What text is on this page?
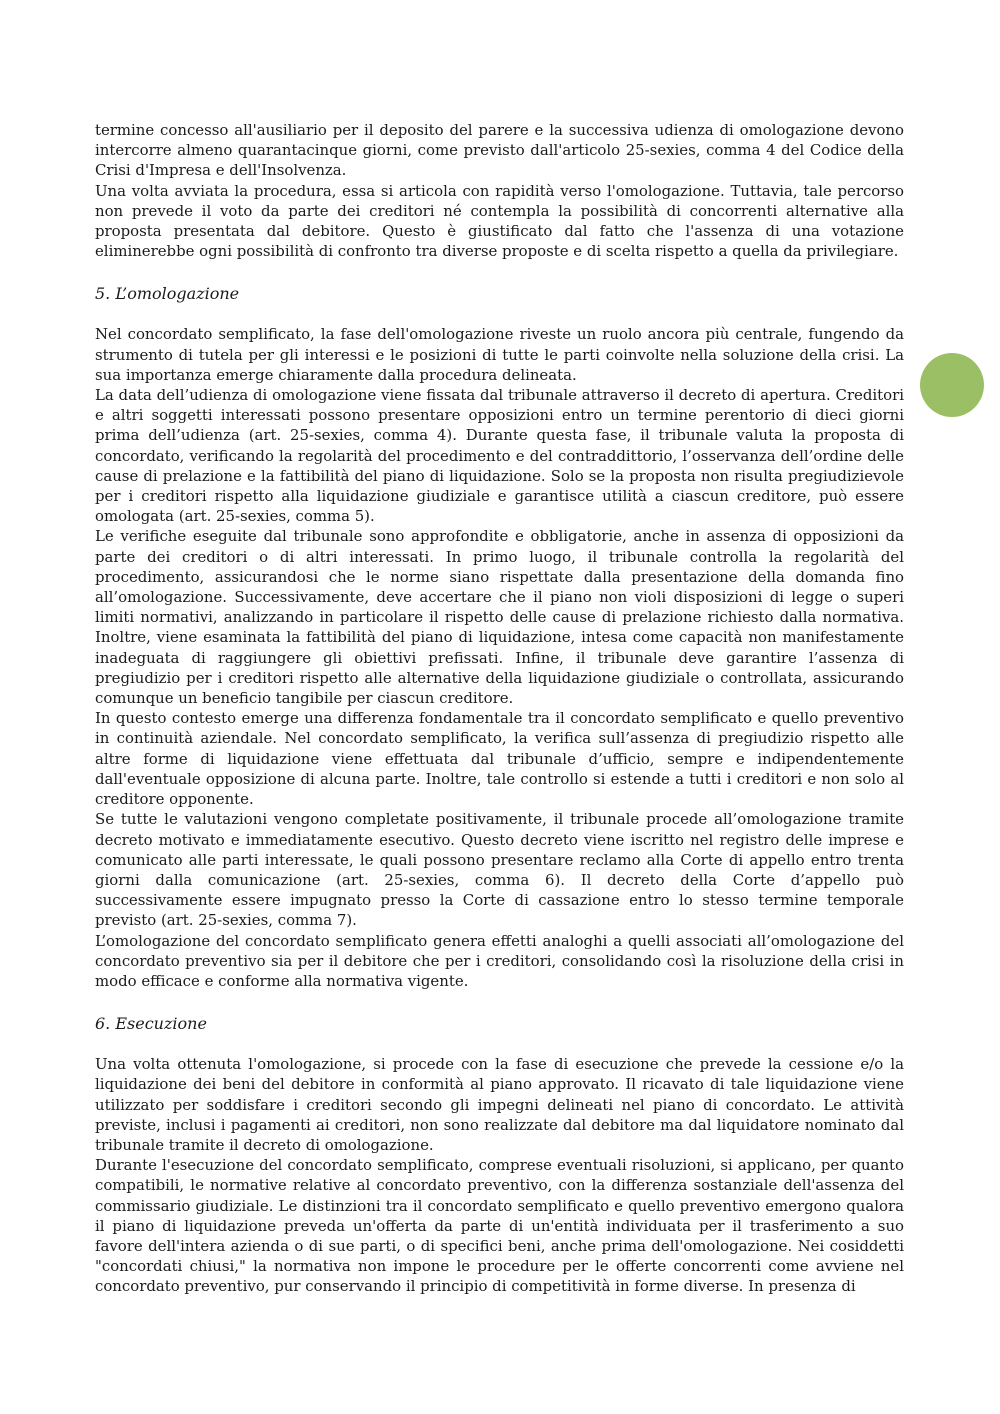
termine concesso all'ausiliario per il deposito del parere e la successiva udienza di omologazione devono intercorre almeno quarantacinque giorni, come previsto dall'articolo 25-sexies, comma 4 del Codice della Crisi d'Impresa e dell'Insolvenza.

Una volta avviata la procedura, essa si articola con rapidità verso l'omologazione. Tuttavia, tale percorso non prevede il voto da parte dei creditori né contempla la possibilità di concorrenti alternative alla proposta presentata dal debitore. Questo è giustificato dal fatto che l'assenza di una votazione eliminerebbe ogni possibilità di confronto tra diverse proposte e di scelta rispetto a quella da privilegiare.

5. L’omologazione

Nel concordato semplificato, la fase dell'omologazione riveste un ruolo ancora più centrale, fungendo da strumento di tutela per gli interessi e le posizioni di tutte le parti coinvolte nella soluzione della crisi. La sua importanza emerge chiaramente dalla procedura delineata.

La data dell’udienza di omologazione viene fissata dal tribunale attraverso il decreto di apertura. Creditori e altri soggetti interessati possono presentare opposizioni entro un termine perentorio di dieci giorni prima dell’udienza (art. 25-sexies, comma 4). Durante questa fase, il tribunale valuta la proposta di concordato, verificando la regolarità del procedimento e del contraddittorio, l’osservanza dell’ordine delle cause di prelazione e la fattibilità del piano di liquidazione. Solo se la proposta non risulta pregiudizievole per i creditori rispetto alla liquidazione giudiziale e garantisce utilità a ciascun creditore, può essere omologata (art. 25-sexies, comma 5).

Le verifiche eseguite dal tribunale sono approfondite e obbligatorie, anche in assenza di opposizioni da parte dei creditori o di altri interessati. In primo luogo, il tribunale controlla la regolarità del procedimento, assicurandosi che le norme siano rispettate dalla presentazione della domanda fino all’omologazione. Successivamente, deve accertare che il piano non violi disposizioni di legge o superi limiti normativi, analizzando in particolare il rispetto delle cause di prelazione richiesto dalla normativa. Inoltre, viene esaminata la fattibilità del piano di liquidazione, intesa come capacità non manifestamente inadeguata di raggiungere gli obiettivi prefissati. Infine, il tribunale deve garantire l’assenza di pregiudizio per i creditori rispetto alle alternative della liquidazione giudiziale o controllata, assicurando comunque un beneficio tangibile per ciascun creditore.

In questo contesto emerge una differenza fondamentale tra il concordato semplificato e quello preventivo in continuità aziendale. Nel concordato semplificato, la verifica sull’assenza di pregiudizio rispetto alle altre forme di liquidazione viene effettuata dal tribunale d’ufficio, sempre e indipendentemente dall'eventuale opposizione di alcuna parte. Inoltre, tale controllo si estende a tutti i creditori e non solo al creditore opponente.

Se tutte le valutazioni vengono completate positivamente, il tribunale procede all’omologazione tramite decreto motivato e immediatamente esecutivo. Questo decreto viene iscritto nel registro delle imprese e comunicato alle parti interessate, le quali possono presentare reclamo alla Corte di appello entro trenta giorni dalla comunicazione (art. 25-sexies, comma 6). Il decreto della Corte d’appello può successivamente essere impugnato presso la Corte di cassazione entro lo stesso termine temporale previsto (art. 25-sexies, comma 7).

L’omologazione del concordato semplificato genera effetti analoghi a quelli associati all’omologazione del concordato preventivo sia per il debitore che per i creditori, consolidando così la risoluzione della crisi in modo efficace e conforme alla normativa vigente.

6. Esecuzione

Una volta ottenuta l'omologazione, si procede con la fase di esecuzione che prevede la cessione e/o la liquidazione dei beni del debitore in conformità al piano approvato. Il ricavato di tale liquidazione viene utilizzato per soddisfare i creditori secondo gli impegni delineati nel piano di concordato. Le attività previste, inclusi i pagamenti ai creditori, non sono realizzate dal debitore ma dal liquidatore nominato dal tribunale tramite il decreto di omologazione.

Durante l'esecuzione del concordato semplificato, comprese eventuali risoluzioni, si applicano, per quanto compatibili, le normative relative al concordato preventivo, con la differenza sostanziale dell'assenza del commissario giudiziale. Le distinzioni tra il concordato semplificato e quello preventivo emergono qualora il piano di liquidazione preveda un'offerta da parte di un'entità individuata per il trasferimento a suo favore dell'intera azienda o di sue parti, o di specifici beni, anche prima dell'omologazione. Nei cosiddetti "concordati chiusi," la normativa non impone le procedure per le offerte concorrenti come avviene nel concordato preventivo, pur conservando il principio di competitività in forme diverse. In presenza di
